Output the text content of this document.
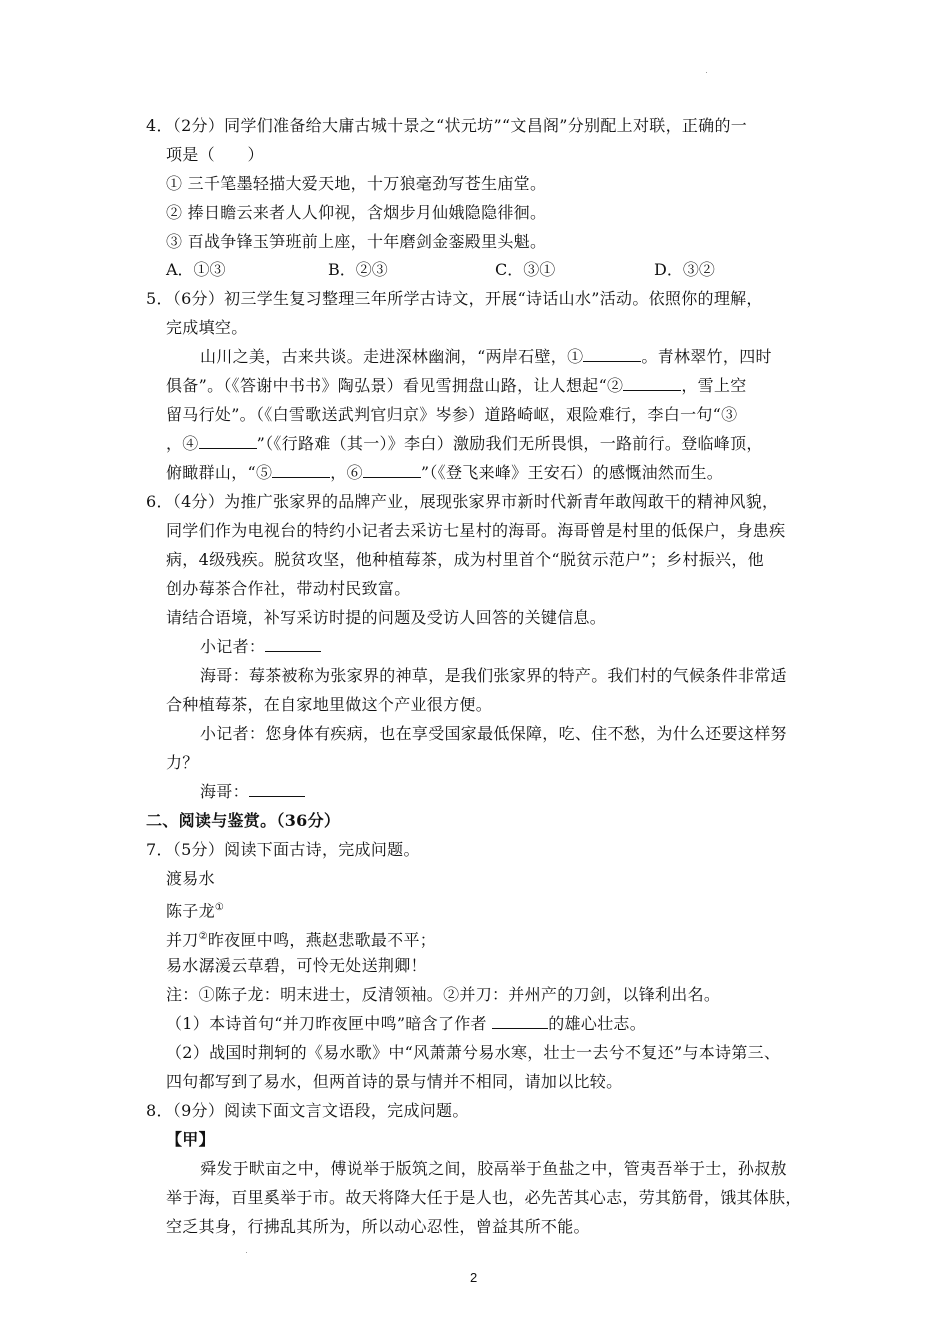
4．（2分）同学们准备给大庸古城十景之“状元坊”“文昌阁”分别配上对联，正确的一
项是（　　）
① 三千笔墨轻描大爱天地，十万狼毫劲写苍生庙堂。
② 捧日瞻云来者人人仰视，含烟步月仙娥隐隐徘徊。
③ 百战争锋玉笋班前上座，十年磨剑金銮殿里头魁。
A．①③	B．②③	C．③①	D．③②
5．（6分）初三学生复习整理三年所学古诗文，开展“诗话山水”活动。依照你的理解，
完成填空。
山川之美，古来共谈。走进深林幽涧，“两岸石壁，①	。青林翠竹，四时
俱备”。（《答谢中书书》陶弘景）看见雪拥盘山路，让人想起“②	，雪上空
留马行处”。（《白雪歌送武判官归京》岑参）道路崎岖，艰险难行，李白一句“③
，④	”（《行路难（其一）》李白）激励我们无所畏惧，一路前行。登临峰顶，
俯瞰群山，“⑤	，⑥	”（《登飞来峰》王安石）的感慨油然而生。
6．（4分）为推广张家界的品牌产业，展现张家界市新时代新青年敢闯敢干的精神风貌，
同学们作为电视台的特约小记者去采访七星村的海哥。海哥曾是村里的低保户，身患疾
病，4级残疾。脱贫攻坚，他种植莓茶，成为村里首个“脱贫示范户”；乡村振兴，他
创办莓茶合作社，带动村民致富。
请结合语境，补写采访时提的问题及受访人回答的关键信息。
小记者：
海哥：莓茶被称为张家界的神草，是我们张家界的特产。我们村的气候条件非常适
合种植莓茶，在自家地里做这个产业很方便。
小记者：您身体有疾病，也在享受国家最低保障，吃、住不愁，为什么还要这样努
力？
海哥：
二、阅读与鉴赏。（36分）
7．（5分）阅读下面古诗，完成问题。
渡易水
陈子龙①
并刀②昨夜匣中鸣，燕赵悲歌最不平；
易水潺湲云草碧，可怜无处送荆卿！
注：①陈子龙：明末进士，反清领袖。②并刀：并州产的刀剑，以锋利出名。
（1）本诗首句“并刀昨夜匣中鸣”暗含了作者	的雄心壮志。
（2）战国时荆轲的《易水歌》中“风萧萧兮易水寒，壮士一去兮不复还”与本诗第三、
四句都写到了易水，但两首诗的景与情并不相同，请加以比较。
8．（9分）阅读下面文言文语段，完成问题。
【甲】
舜发于畎亩之中，傅说举于版筑之间，胶鬲举于鱼盐之中，管夷吾举于士，孙叔敖
举于海，百里奚举于市。故天将降大任于是人也，必先苦其心志，劳其筋骨，饿其体肤，
空乏其身，行拂乱其所为，所以动心忍性，曾益其所不能。
2
